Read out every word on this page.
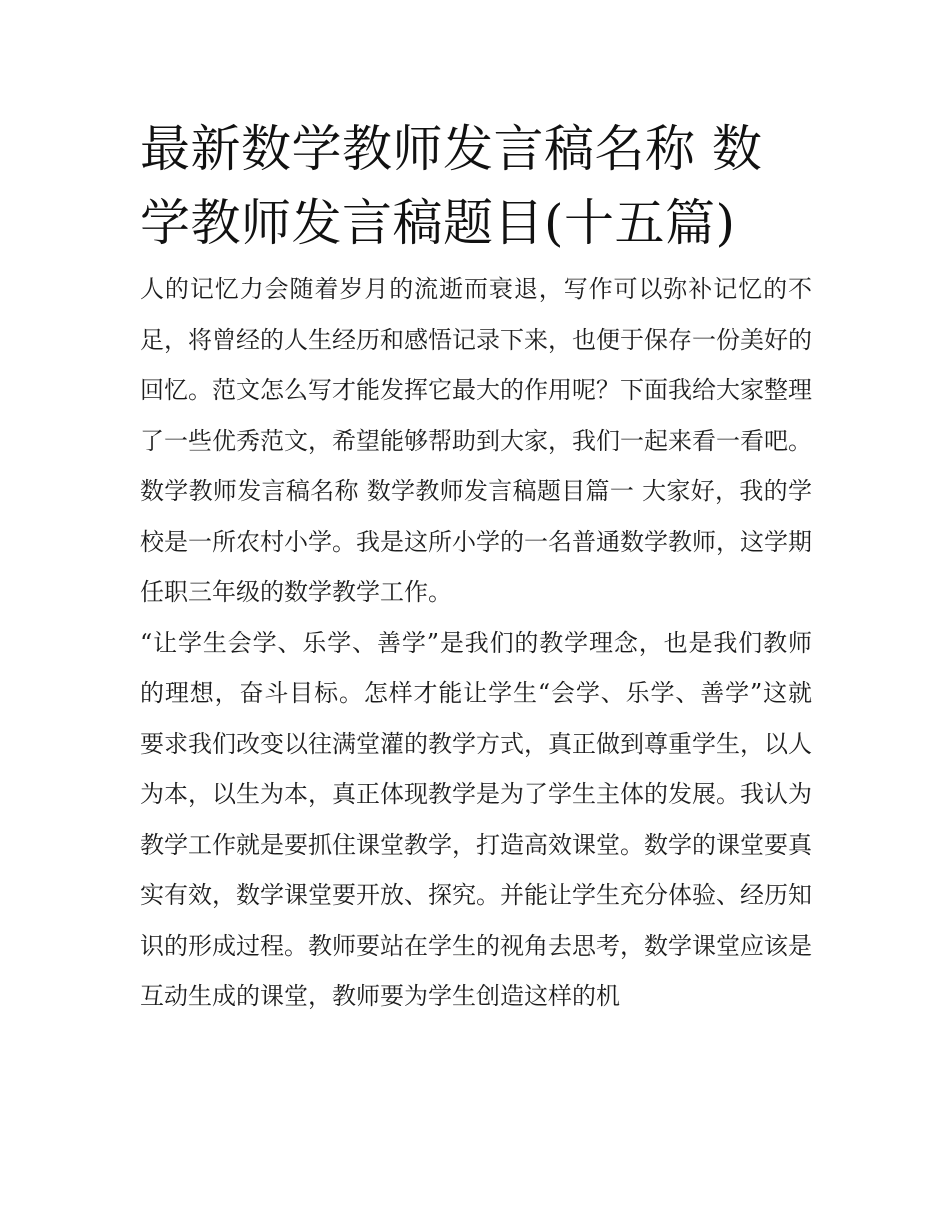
最新数学教师发言稿名称 数学教师发言稿题目(十五篇)

人的记忆力会随着岁月的流逝而衰退，写作可以弥补记忆的不足，将曾经的人生经历和感悟记录下来，也便于保存一份美好的回忆。范文怎么写才能发挥它最大的作用呢？下面我给大家整理了一些优秀范文，希望能够帮助到大家，我们一起来看一看吧。

数学教师发言稿名称 数学教师发言稿题目篇一 大家好，我的学校是一所农村小学。我是这所小学的一名普通数学教师，这学期任职三年级的数学教学工作。

“让学生会学、乐学、善学”是我们的教学理念，也是我们教师的理想，奋斗目标。怎样才能让学生“会学、乐学、善学”这就要求我们改变以往满堂灌的教学方式，真正做到尊重学生，以人为本，以生为本，真正体现教学是为了学生主体的发展。我认为教学工作就是要抓住课堂教学，打造高效课堂。数学的课堂要真实有效，数学课堂要开放、探究。并能让学生充分体验、经历知识的形成过程。教师要站在学生的视角去思考，数学课堂应该是互动生成的课堂，教师要为学生创造这样的机
